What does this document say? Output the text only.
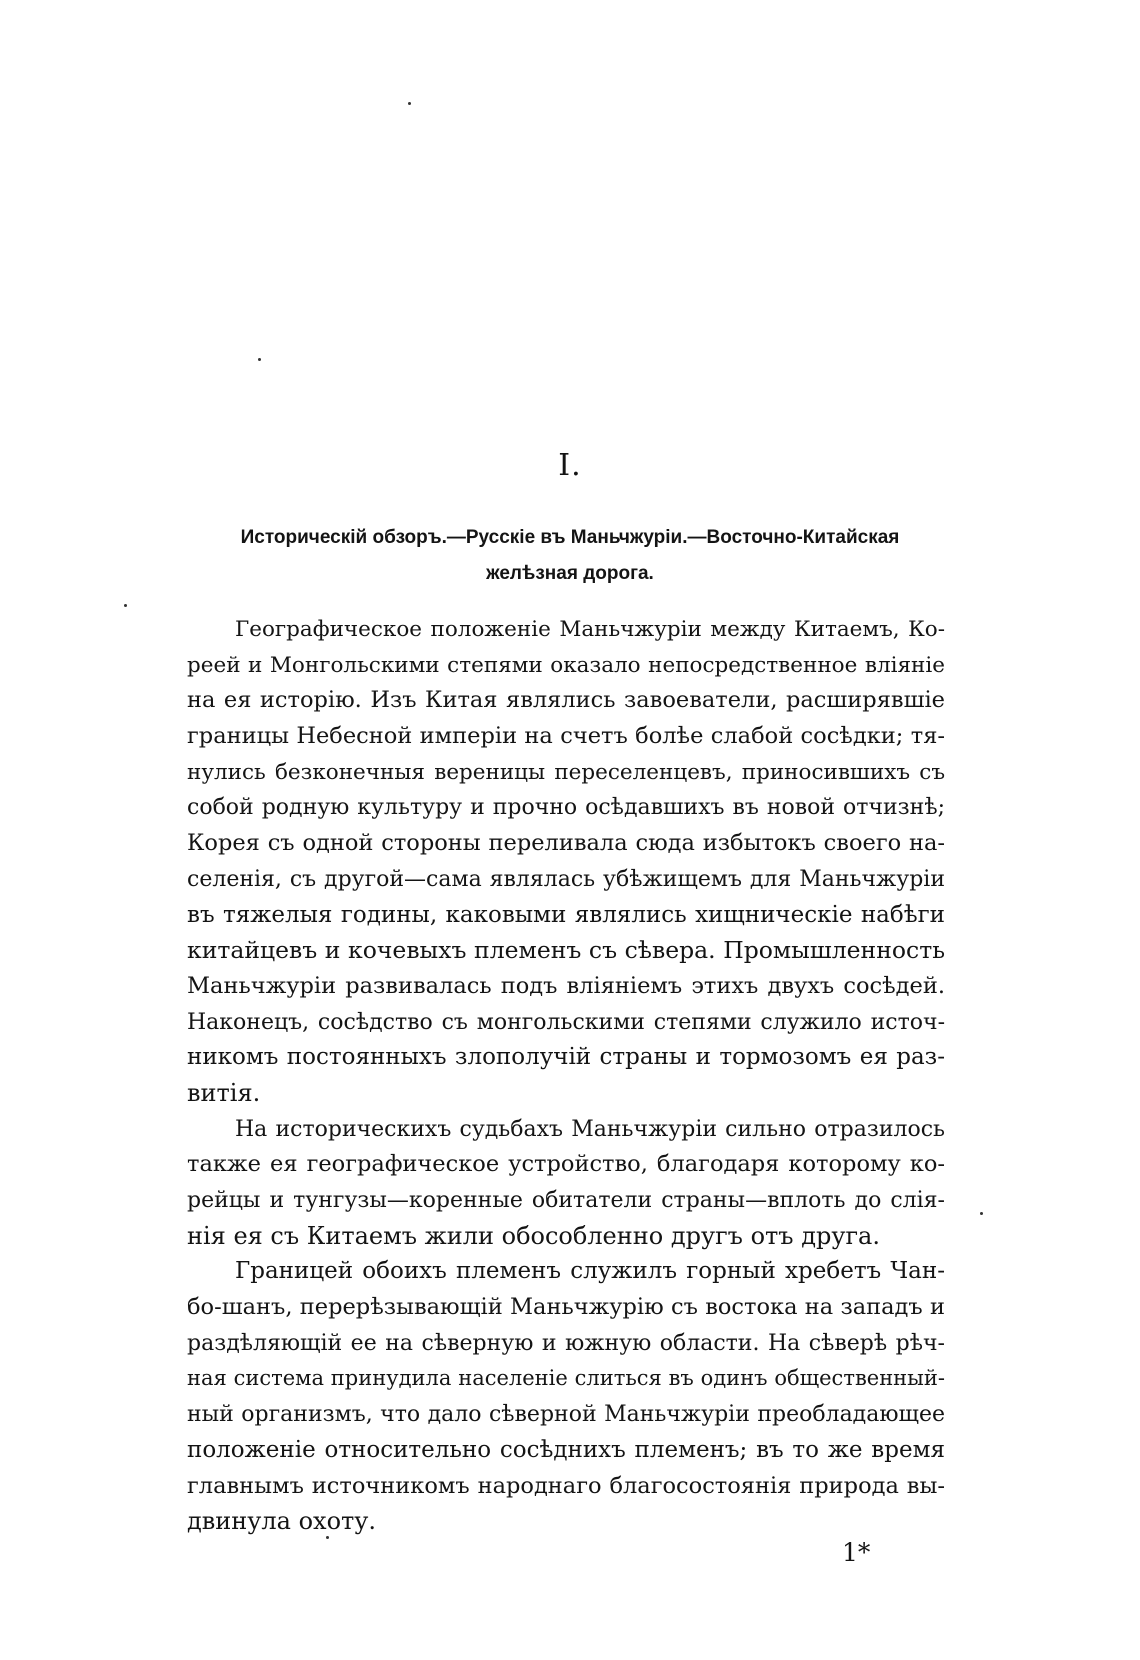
I.
Историческій обзоръ.—Русскіе въ Маньчжуріи.—Восточно-Китайская
желѣзная дорога.
Географическое положеніе Маньчжуріи между Китаемъ, Ко-
реей и Монгольскими степями оказало непосредственное вліяніе
на ея исторію. Изъ Китая являлись завоеватели, расширявшіе
границы Небесной имперіи на счетъ болѣе слабой сосѣдки; тя-
нулись безконечныя вереницы переселенцевъ, приносившихъ съ
собой родную культуру и прочно осѣдавшихъ въ новой отчизнѣ;
Корея съ одной стороны переливала сюда избытокъ своего на-
селенія, съ другой—сама являлась убѣжищемъ для Маньчжуріи
въ тяжелыя годины, каковыми являлись хищническіе набѣги
китайцевъ и кочевыхъ племенъ съ сѣвера. Промышленность
Маньчжуріи развивалась подъ вліяніемъ этихъ двухъ сосѣдей.
Наконецъ, сосѣдство съ монгольскими степями служило источ-
никомъ постоянныхъ злополучій страны и тормозомъ ея раз-
витія.
На историческихъ судьбахъ Маньчжуріи сильно отразилось
также ея географическое устройство, благодаря которому ко-
рейцы и тунгузы—коренные обитатели страны—вплоть до слія-
нія ея съ Китаемъ жили обособленно другъ отъ друга.
Границей обоихъ племенъ служилъ горный хребетъ Чан-
бо-шанъ, перерѣзывающій Маньчжурію съ востока на западъ и
раздѣляющій ее на сѣверную и южную области. На сѣверѣ рѣч-
ная система принудила населеніе слиться въ одинъ общественный-
ный организмъ, что дало сѣверной Маньчжуріи преобладающее
положеніе относительно сосѣднихъ племенъ; въ то же время
главнымъ источникомъ народнаго благосостоянія природа вы-
двинула охоту.
1*
